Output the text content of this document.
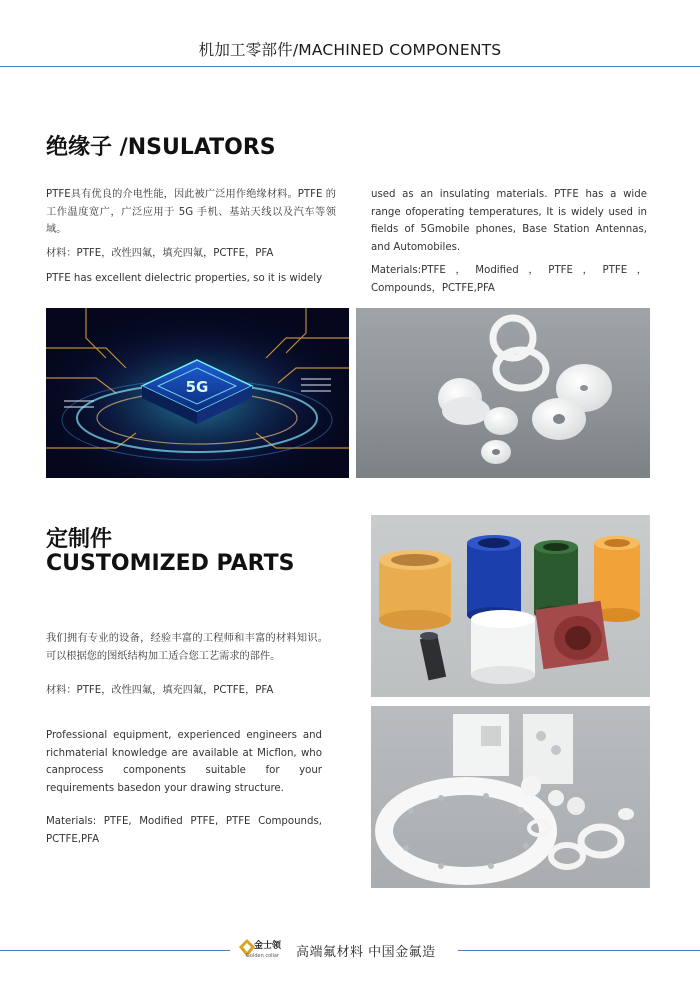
机加工零部件/MACHINED COMPONENTS
绝缘子 /NSULATORS

PTFE具有优良的介电性能，因此被广泛用作绝缘材料。PTFE 的工作温度宽广，广泛应用于 5G 手机、基站天线以及汽车等领域。

材料：PTFE，改性四氟，填充四氟，PCTFE，PFA

PTFE has excellent dielectric properties, so it is widely

used as an insulating materials. PTFE has a wide range ofoperating temperatures, It is widely used in fields of 5Gmobile phones, Base Station Antennas, and Automobiles.

Materials:PTFE，Modified，PTFE，PTFE，Compounds，PCTFE,PFA

5G
定制件
CUSTOMIZED PARTS
我们拥有专业的设备，经验丰富的工程师和丰富的材料知识。可以根据您的图纸结构加工适合您工艺需求的部件。
材料：PTFE，改性四氟，填充四氟，PCTFE，PFA
Professional equipment, experienced engineers and richmaterial knowledge are available at Micflon, who canprocess components suitable for your requirements basedon your drawing structure.
Materials: PTFE, Modified PTFE, PTFE Compounds, PCTFE,PFA
金士领
Golden collar 高端氟材料 中国金氟造
